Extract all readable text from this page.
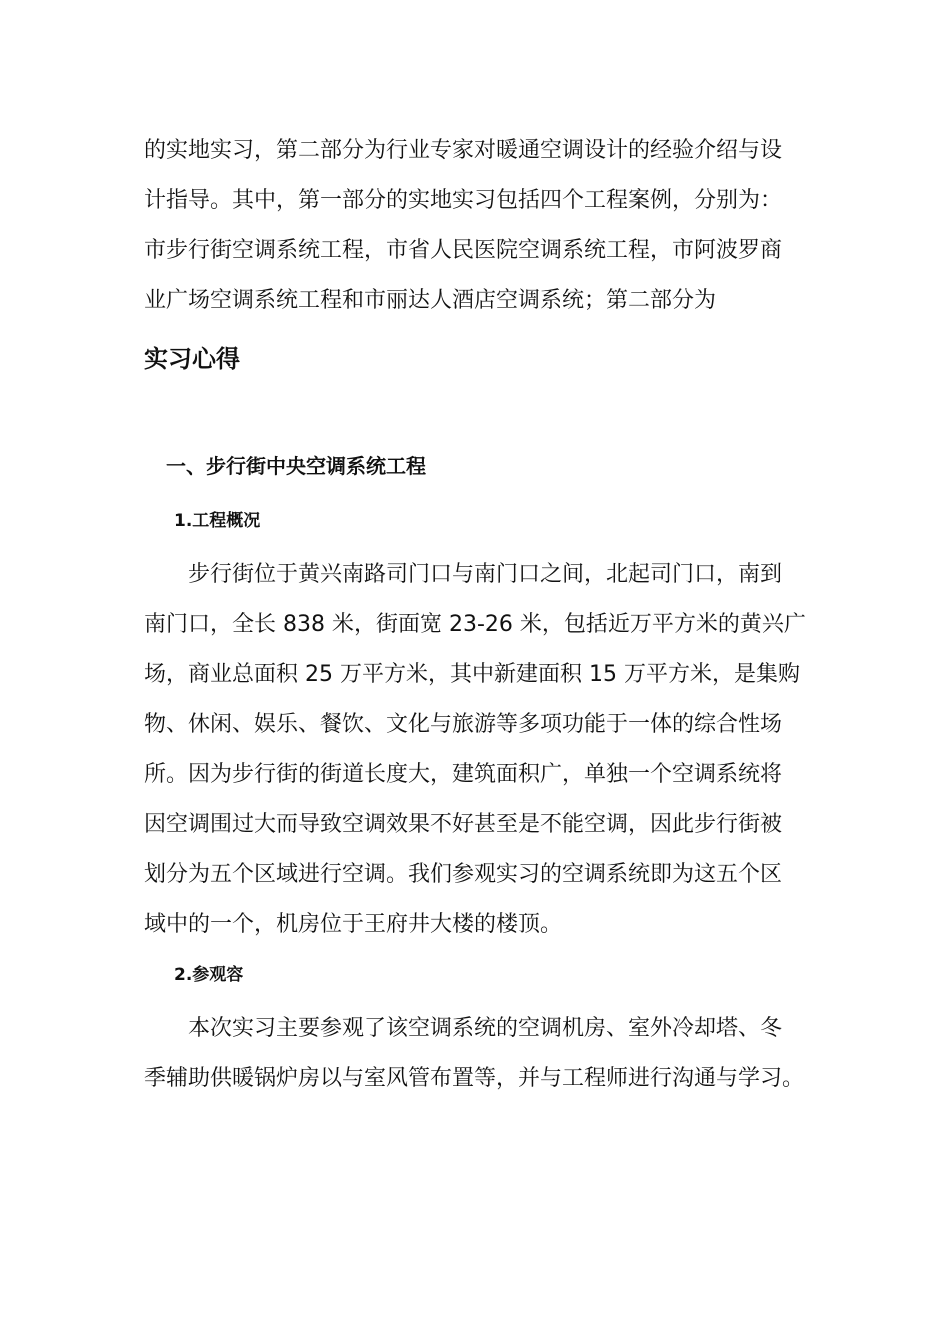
的实地实习，第二部分为行业专家对暖通空调设计的经验介绍与设
计指导。其中，第一部分的实地实习包括四个工程案例，分别为：
市步行街空调系统工程，市省人民医院空调系统工程，市阿波罗商
业广场空调系统工程和市丽达人酒店空调系统；第二部分为
实习心得
一、步行街中央空调系统工程
1.工程概况
步行街位于黄兴南路司门口与南门口之间，北起司门口，南到
南门口，全长 838 米，街面宽 23-26 米，包括近万平方米的黄兴广
场，商业总面积 25 万平方米，其中新建面积 15 万平方米，是集购
物、休闲、娱乐、餐饮、文化与旅游等多项功能于一体的综合性场
所。因为步行街的街道长度大，建筑面积广，单独一个空调系统将
因空调围过大而导致空调效果不好甚至是不能空调，因此步行街被
划分为五个区域进行空调。我们参观实习的空调系统即为这五个区
域中的一个，机房位于王府井大楼的楼顶。
2.参观容
本次实习主要参观了该空调系统的空调机房、室外冷却塔、冬
季辅助供暖锅炉房以与室风管布置等，并与工程师进行沟通与学习。
